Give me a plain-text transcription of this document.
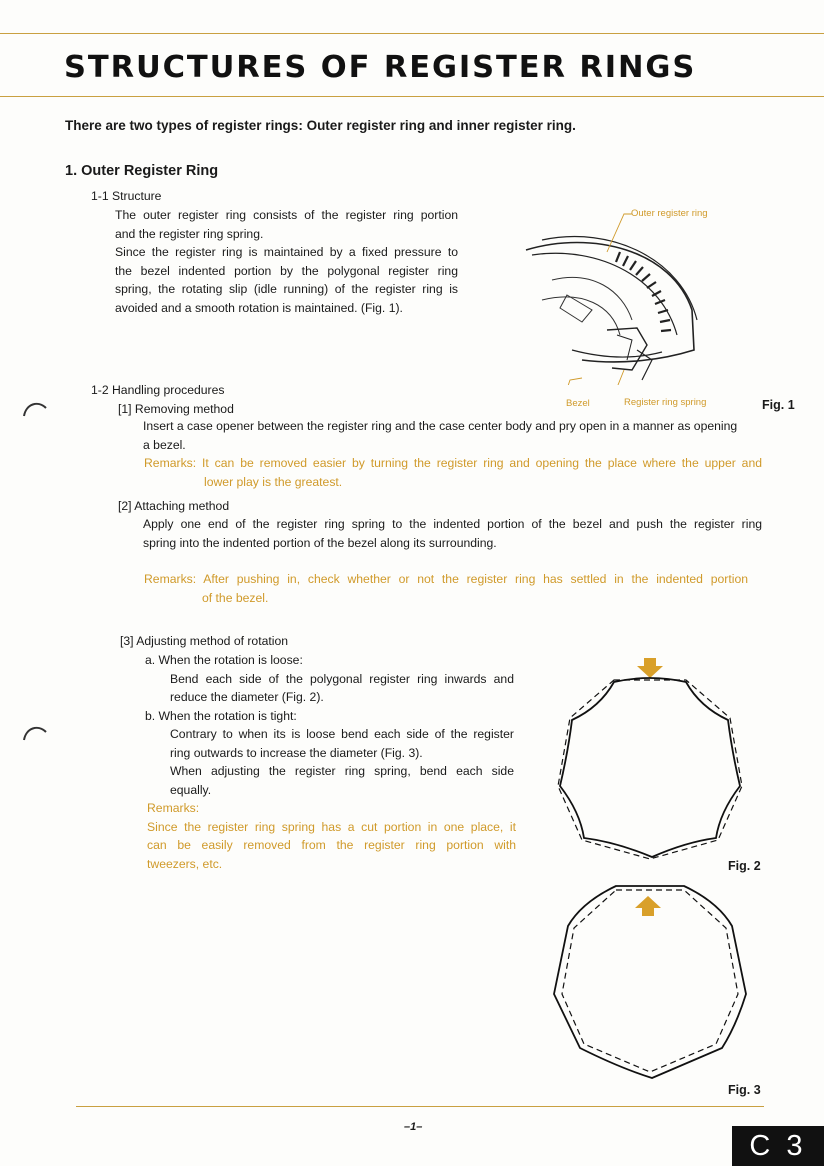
STRUCTURES OF REGISTER RINGS
There are two types of register rings: Outer register ring and inner register ring.
1. Outer Register Ring
1-1 Structure
The outer register ring consists of the register ring portion
and the register ring spring.
Since the register ring is maintained by a fixed pressure to
the bezel indented portion by the polygonal register ring
spring, the rotating slip (idle running) of the register ring is
avoided and a smooth rotation is maintained. (Fig. 1).
Outer register ring
Bezel	Register ring spring	Fig. 1
1-2 Handling procedures
[1] Removing method
Insert a case opener between the register ring and the case center body and pry open in a manner as opening
a bezel.
Remarks: It can be removed easier by turning the register ring and opening the place where the upper and
lower play is the greatest.
[2] Attaching method
Apply one end of the register ring spring to the indented portion of the bezel and push the register ring
spring into the indented portion of the bezel along its surrounding.
Remarks: After pushing in, check whether or not the register ring has settled in the indented portion
of the bezel.
[3] Adjusting method of rotation
a. When the rotation is loose:
Bend each side of the polygonal register ring inwards and
reduce the diameter (Fig. 2).
b. When the rotation is tight:
Contrary to when its is loose bend each side of the register
ring outwards to increase the diameter (Fig. 3).
When adjusting the register ring spring, bend each side
equally.
Remarks:
Since the register ring spring has a cut portion in one place, it
can be easily removed from the register ring portion with
tweezers, etc.	Fig. 2
Fig. 3
–1–
C 3
